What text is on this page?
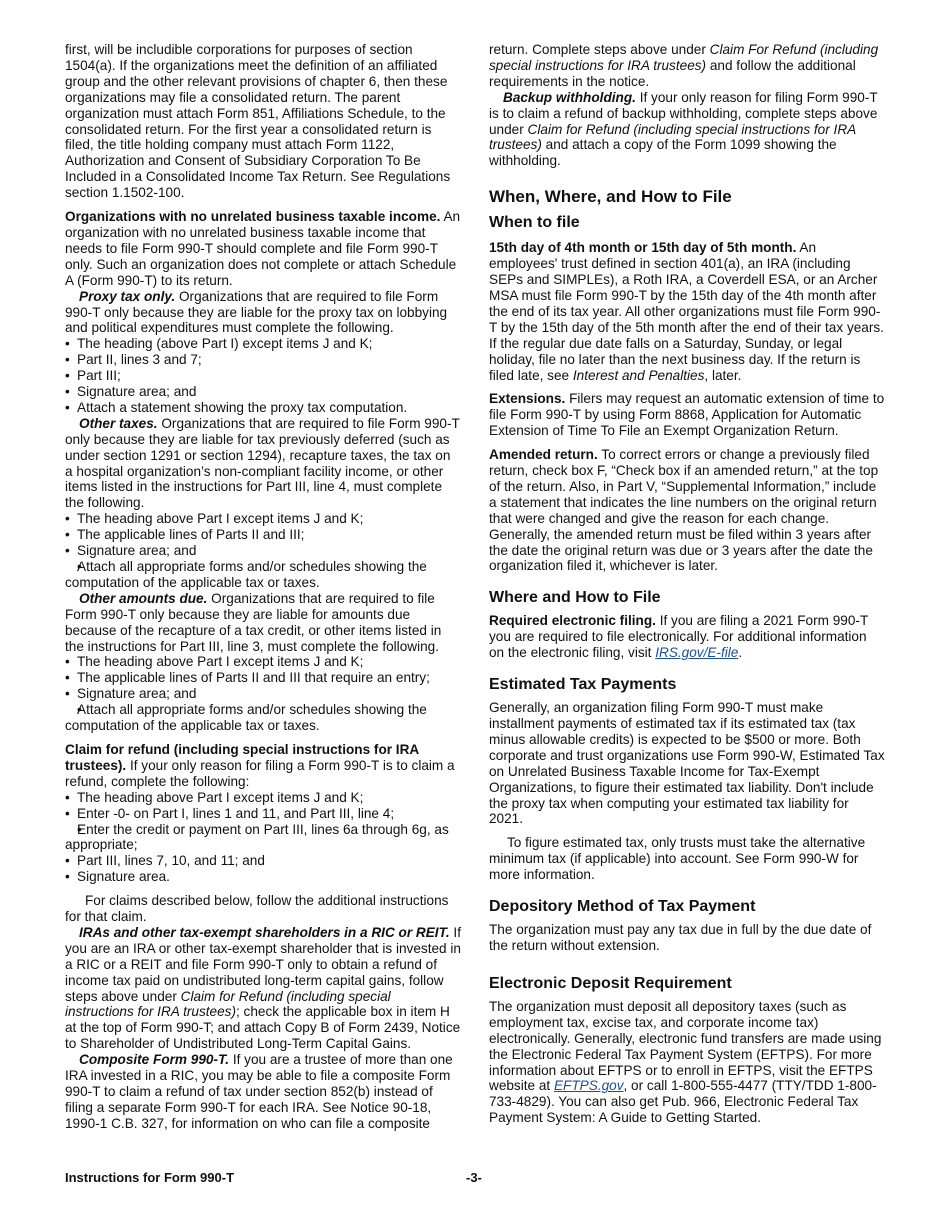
first, will be includible corporations for purposes of section 1504(a). If the organizations meet the definition of an affiliated group and the other relevant provisions of chapter 6, then these organizations may file a consolidated return. The parent organization must attach Form 851, Affiliations Schedule, to the consolidated return. For the first year a consolidated return is filed, the title holding company must attach Form 1122, Authorization and Consent of Subsidiary Corporation To Be Included in a Consolidated Income Tax Return. See Regulations section 1.1502-100.

Organizations with no unrelated business taxable income. An organization with no unrelated business taxable income that needs to file Form 990-T should complete and file Form 990-T only. Such an organization does not complete or attach Schedule A (Form 990-T) to its return.

Proxy tax only. Organizations that are required to file Form 990-T only because they are liable for the proxy tax on lobbying and political expenditures must complete the following.

• The heading (above Part I) except items J and K;

• Part II, lines 3 and 7;

• Part III;

• Signature area; and

• Attach a statement showing the proxy tax computation.

Other taxes. Organizations that are required to file Form 990-T only because they are liable for tax previously deferred (such as under section 1291 or section 1294), recapture taxes, the tax on a hospital organization’s non-compliant facility income, or other items listed in the instructions for Part III, line 4, must complete the following.

• The heading above Part I except items J and K;

• The applicable lines of Parts II and III;

• Signature area; and

• Attach all appropriate forms and/or schedules showing the computation of the applicable tax or taxes.

Other amounts due. Organizations that are required to file Form 990-T only because they are liable for amounts due because of the recapture of a tax credit, or other items listed in the instructions for Part III, line 3, must complete the following.

• The heading above Part I except items J and K;

• The applicable lines of Parts II and III that require an entry;

• Signature area; and

• Attach all appropriate forms and/or schedules showing the computation of the applicable tax or taxes.

Claim for refund (including special instructions for IRA trustees). If your only reason for filing a Form 990-T is to claim a refund, complete the following:

• The heading above Part I except items J and K;

• Enter -0- on Part I, lines 1 and 11, and Part III, line 4;

• Enter the credit or payment on Part III, lines 6a through 6g, as appropriate;

• Part III, lines 7, 10, and 11; and

• Signature area.

For claims described below, follow the additional instructions for that claim.

IRAs and other tax-exempt shareholders in a RIC or REIT. If you are an IRA or other tax-exempt shareholder that is invested in a RIC or a REIT and file Form 990-T only to obtain a refund of income tax paid on undistributed long-term capital gains, follow steps above under Claim for Refund (including special instructions for IRA trustees); check the applicable box in item H at the top of Form 990-T; and attach Copy B of Form 2439, Notice to Shareholder of Undistributed Long-Term Capital Gains.

Composite Form 990-T. If you are a trustee of more than one IRA invested in a RIC, you may be able to file a composite Form 990-T to claim a refund of tax under section 852(b) instead of filing a separate Form 990-T for each IRA. See Notice 90-18, 1990-1 C.B. 327, for information on who can file a composite

return. Complete steps above under Claim For Refund (including special instructions for IRA trustees) and follow the additional requirements in the notice.

Backup withholding. If your only reason for filing Form 990-T is to claim a refund of backup withholding, complete steps above under Claim for Refund (including special instructions for IRA trustees) and attach a copy of the Form 1099 showing the withholding.

When, Where, and How to File
When to file

15th day of 4th month or 15th day of 5th month. An employees' trust defined in section 401(a), an IRA (including SEPs and SIMPLEs), a Roth IRA, a Coverdell ESA, or an Archer MSA must file Form 990-T by the 15th day of the 4th month after the end of its tax year. All other organizations must file Form 990-T by the 15th day of the 5th month after the end of their tax years. If the regular due date falls on a Saturday, Sunday, or legal holiday, file no later than the next business day. If the return is filed late, see Interest and Penalties, later.

Extensions. Filers may request an automatic extension of time to file Form 990-T by using Form 8868, Application for Automatic Extension of Time To File an Exempt Organization Return.

Amended return. To correct errors or change a previously filed return, check box F, “Check box if an amended return,” at the top of the return. Also, in Part V, “Supplemental Information,” include a statement that indicates the line numbers on the original return that were changed and give the reason for each change. Generally, the amended return must be filed within 3 years after the date the original return was due or 3 years after the date the organization filed it, whichever is later.

Where and How to File

Required electronic filing. If you are filing a 2021 Form 990-T you are required to file electronically. For additional information on the electronic filing, visit IRS.gov/E-file.

Estimated Tax Payments

Generally, an organization filing Form 990-T must make installment payments of estimated tax if its estimated tax (tax minus allowable credits) is expected to be $500 or more. Both corporate and trust organizations use Form 990-W, Estimated Tax on Unrelated Business Taxable Income for Tax-Exempt Organizations, to figure their estimated tax liability. Don't include the proxy tax when computing your estimated tax liability for 2021.

To figure estimated tax, only trusts must take the alternative minimum tax (if applicable) into account. See Form 990-W for more information.

Depository Method of Tax Payment

The organization must pay any tax due in full by the due date of the return without extension.

Electronic Deposit Requirement

The organization must deposit all depository taxes (such as employment tax, excise tax, and corporate income tax) electronically. Generally, electronic fund transfers are made using the Electronic Federal Tax Payment System (EFTPS). For more information about EFTPS or to enroll in EFTPS, visit the EFTPS website at EFTPS.gov, or call 1-800-555-4477 (TTY/TDD 1-800-733-4829). You can also get Pub. 966, Electronic Federal Tax Payment System: A Guide to Getting Started.

Instructions for Form 990-T	-3-
